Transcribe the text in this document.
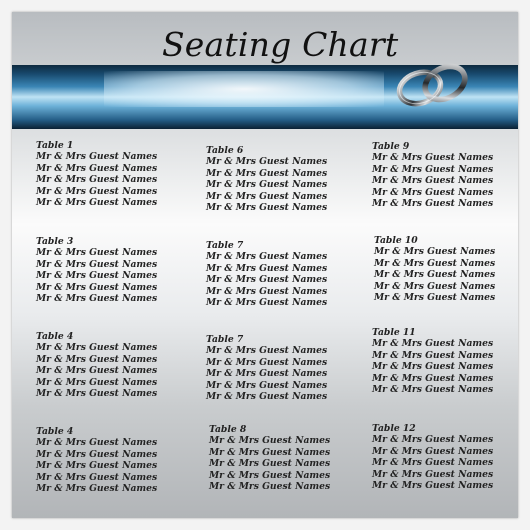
Seating Chart
Table 1
Mr & Mrs Guest Names
Mr & Mrs Guest Names
Mr & Mrs Guest Names
Mr & Mrs Guest Names
Mr & Mrs Guest Names
Table 3
Mr & Mrs Guest Names
Mr & Mrs Guest Names
Mr & Mrs Guest Names
Mr & Mrs Guest Names
Mr & Mrs Guest Names
Table 4
Mr & Mrs Guest Names
Mr & Mrs Guest Names
Mr & Mrs Guest Names
Mr & Mrs Guest Names
Mr & Mrs Guest Names
Table 4
Mr & Mrs Guest Names
Mr & Mrs Guest Names
Mr & Mrs Guest Names
Mr & Mrs Guest Names
Mr & Mrs Guest Names
Table 6
Mr & Mrs Guest Names
Mr & Mrs Guest Names
Mr & Mrs Guest Names
Mr & Mrs Guest Names
Mr & Mrs Guest Names
Table 7
Mr & Mrs Guest Names
Mr & Mrs Guest Names
Mr & Mrs Guest Names
Mr & Mrs Guest Names
Mr & Mrs Guest Names
Table 7
Mr & Mrs Guest Names
Mr & Mrs Guest Names
Mr & Mrs Guest Names
Mr & Mrs Guest Names
Mr & Mrs Guest Names
Table 8
Mr & Mrs Guest Names
Mr & Mrs Guest Names
Mr & Mrs Guest Names
Mr & Mrs Guest Names
Mr & Mrs Guest Names
Table 9
Mr & Mrs Guest Names
Mr & Mrs Guest Names
Mr & Mrs Guest Names
Mr & Mrs Guest Names
Mr & Mrs Guest Names
Table 10
Mr & Mrs Guest Names
Mr & Mrs Guest Names
Mr & Mrs Guest Names
Mr & Mrs Guest Names
Mr & Mrs Guest Names
Table 11
Mr & Mrs Guest Names
Mr & Mrs Guest Names
Mr & Mrs Guest Names
Mr & Mrs Guest Names
Mr & Mrs Guest Names
Table 12
Mr & Mrs Guest Names
Mr & Mrs Guest Names
Mr & Mrs Guest Names
Mr & Mrs Guest Names
Mr & Mrs Guest Names
